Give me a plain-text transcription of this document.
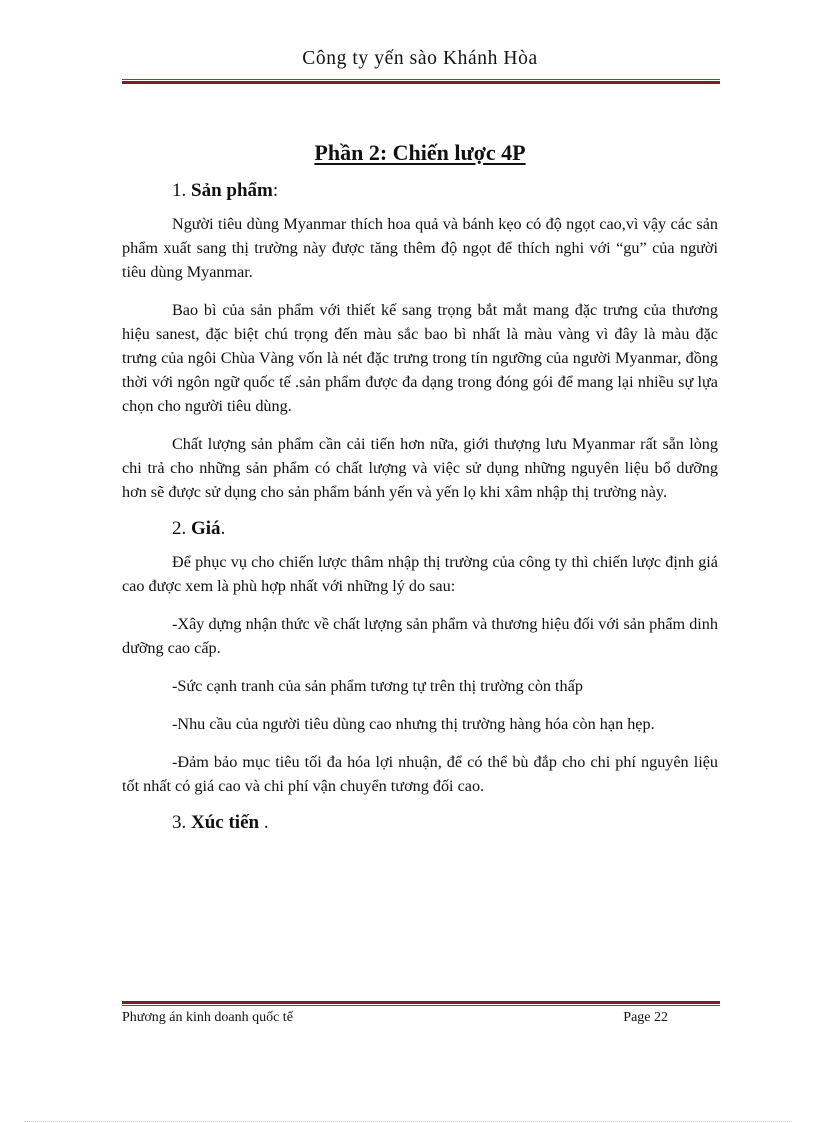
Công ty yến sào Khánh Hòa
Phần 2: Chiến lược 4P
1. Sản phẩm:

Người tiêu dùng Myanmar thích hoa quả và bánh kẹo có độ ngọt cao,vì vậy các sản phẩm xuất sang thị trường này được tăng thêm độ ngọt để thích nghi với “gu” của người tiêu dùng Myanmar.

Bao bì của sản phẩm với thiết kế sang trọng bắt mắt mang đặc trưng của thương hiệu sanest, đặc biệt chú trọng đến màu sắc bao bì nhất là màu vàng vì đây là màu đặc trưng của ngôi Chùa Vàng vốn là nét đặc trưng trong tín ngưỡng của người Myanmar, đồng thời với ngôn ngữ quốc tế .sản phẩm được đa dạng trong đóng gói để mang lại nhiều sự lựa chọn cho người tiêu dùng.

Chất lượng sản phẩm cần cải tiến hơn nữa, giới thượng lưu Myanmar rất sẵn lòng chi trả cho những sản phẩm có chất lượng và việc sử dụng những nguyên liệu bổ dưỡng hơn sẽ được sử dụng cho sản phẩm bánh yến và yến lọ khi xâm nhập thị trường này.

2. Giá.

Để phục vụ cho chiến lược thâm nhập thị trường của công ty thì chiến lược định giá cao được xem là phù hợp nhất với những lý do sau:

-Xây dựng nhận thức về chất lượng sản phẩm và thương hiệu đối với sản phẩm dinh dưỡng cao cấp.

-Sức cạnh tranh của sản phẩm tương tự trên thị trường còn thấp

-Nhu cầu của người tiêu dùng cao nhưng thị trường hàng hóa còn hạn hẹp.

-Đảm bảo mục tiêu tối đa hóa lợi nhuận, để có thể bù đắp cho chi phí nguyên liệu tốt nhất có giá cao và chi phí vận chuyển tương đối cao.

3. Xúc tiến .
Phương án kinh doanh quốc tế	Page 22
